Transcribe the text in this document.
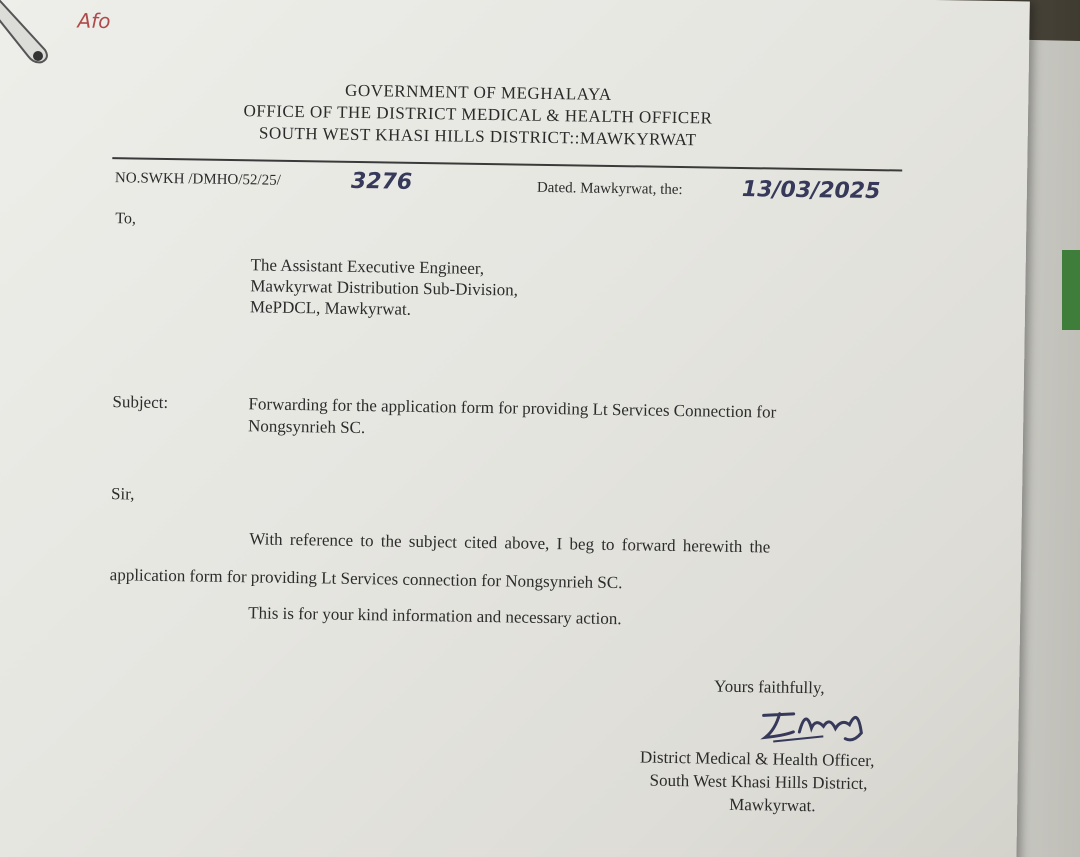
Afo
GOVERNMENT OF MEGHALAYA
OFFICE OF THE DISTRICT MEDICAL & HEALTH OFFICER
SOUTH WEST KHASI HILLS DISTRICT::MAWKYRWAT
NO.SWKH /DMHO/52/25/	3276	Dated. Mawkyrwat, the:	13/03/2025
To,
The Assistant Executive Engineer,
Mawkyrwat Distribution Sub-Division,
MePDCL, Mawkyrwat.
Subject:	Forwarding for the application form for providing Lt Services Connection for
Nongsynrieh SC.
Sir,
With reference to the subject cited above, I beg to forward herewith the
application form for providing Lt Services connection for Nongsynrieh SC.
This is for your kind information and necessary action.
Yours faithfully,
District Medical & Health Officer,
South West Khasi Hills District,
Mawkyrwat.
